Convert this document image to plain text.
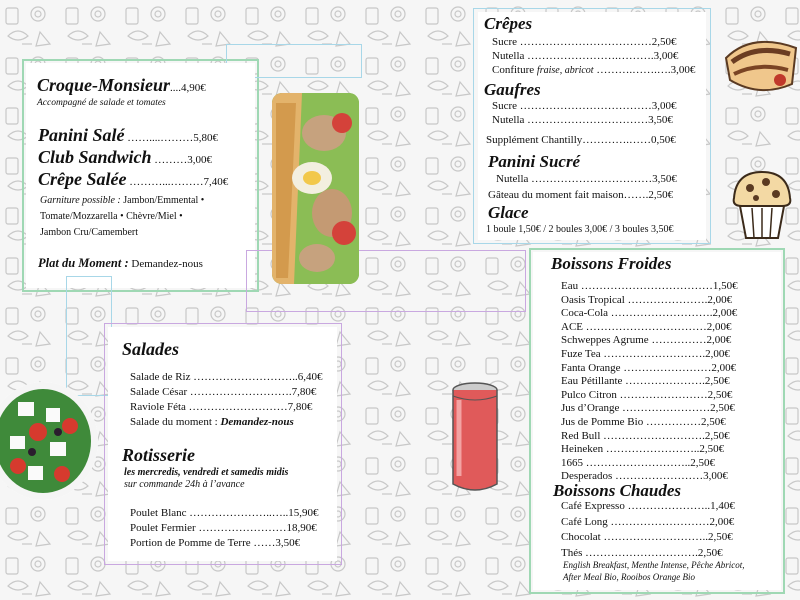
Croque-Monsieur....4,90€
Accompagné de salade et tomates
Panini Salé ……....………5,80€
Club Sandwich ………3,00€
Crêpe Salée ………...………7,40€
Garniture possible : Jambon/Emmental •
Tomate/Mozzarella • Chèvre/Miel •
Jambon Cru/Camembert
Plat du Moment : Demandez-nous
Crêpes
Sucre ………………………………2,50€
Nutella …………………….……….3,00€
Confiture fraise, abricot ……….…….….3,00€
Gaufres
Sucre ………………………………3,00€
Nutella ……………………………3,50€
Supplément Chantilly………….……0,50€
Panini Sucré
Nutella ……………………………3,50€
Gâteau du moment fait maison…….2,50€
Glace
1 boule 1,50€ / 2 boules 3,00€ / 3 boules 3,50€
Salades
Salade de Riz ………………………..6,40€
Salade César ……………………….7,80€
Raviole Féta ………………………7,80€
Salade du moment : Demandez-nous
Rotisserie
les mercredis, vendredi et samedis midis
sur commande 24h à l’avance
Poulet Blanc …………………..…..15,90€
Poulet Fermier ……………………18,90€
Portion de Pomme de Terre ……3,50€
Boissons Froides
Eau ………………………………1,50€
Oasis Tropical ………………….2,00€
Coca-Cola ……………………….2,00€
ACE ……………………………2,00€
Schweppes Agrume ……………2,00€
Fuze Tea ……………………….2,00€
Fanta Orange ……………………2,00€
Eau Pétillante ………………….2,50€
Pulco Citron ……………………2,50€
Jus d’Orange ……………………2,50€
Jus de Pomme Bio ……………2,50€
Red Bull ……………………….2,50€
Heineken ……………………..2,50€
1665 ………………………..2,50€
Desperados ……………………3,00€
Boissons Chaudes
Café Expresso …………………..1,40€
Café Long ………………………2,00€
Chocolat ………………………..2,50€
Thés ………………………….2,50€
English Breakfast, Menthe Intense, Pêche Abricot,
After Meal Bio, Rooibos Orange Bio
